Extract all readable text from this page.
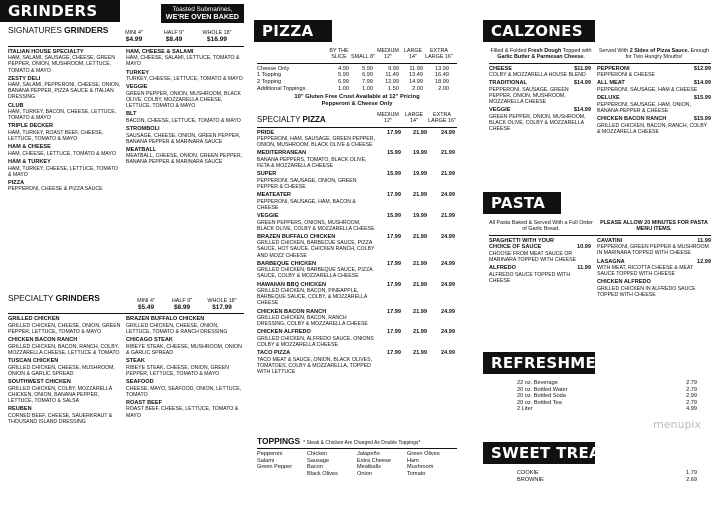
GRINDERS	Toasted Submarines,
WE'RE OVEN BAKED
SIGNATURES GRINDERS	MINI 4"	HALF 9"	WHOLE 18"
$4.99	$8.49	$16.99
ITALIAN HOUSE SPECIALTY
HAM, SALAMI, SAUSAGE, CHEESE, GREEN PEPPER, ONION, MUSHROOM, LETTUCE, TOMATO & MAYO
ZESTY DELI
HAM, SALAMI, PEPPERONI, CHEESE, ONION, BANANA PEPPER, PIZZA SAUCE & ITALIAN DRESSING
CLUB
HAM, TURKEY, BACON, CHEESE, LETTUCE, TOMATO & MAYO
TRIPLE DECKER
HAM, TURKEY, ROAST BEEF, CHEESE, LETTUCE, TOMATO & MAYO
HAM & CHEESE
HAM, CHEESE, LETTUCE, TOMATO & MAYO
HAM & TURKEY
HAM, TURKEY, CHEESE, LETTUCE, TOMATO & MAYO
PIZZA
PEPPERONI, CHEESE & PIZZA SAUCE
HAM, CHEESE & SALAMI
HAM, CHEESE, SALAMI, LETTUCE, TOMATO & MAYO
TURKEY
TURKEY, CHEESE, LETTUCE, TOMATO & MAYO
VEGGIE
GREEN PEPPER, ONION, MUSHROOM, BLACK OLIVE, COLBY, MOZZARELLA CHEESE, LETTUCE, TOMATO & MAYO
BLT
BACON, CHEESE, LETTUCE, TOMATO & MAYO
STROMBOLI
SAUSAGE, CHEESE, ONION, GREEN PEPPER, BANANA PEPPER & MARINARA SAUCE
MEATBALL
MEATBALL, CHEESE, ONION, GREEN PEPPER, BANANA PEPPER & MARINARA SAUCE
SPECIALTY GRINDERS	MINI 4"	HALF 9"	WHOLE 18"
$5.49	$8.99	$17.99
GRILLED CHICKEN
GRILLED CHICKEN, CHEESE, ONION, GREEN PEPPER, LETTUCE, TOMATO & MAYO
CHICKEN BACON RANCH
GRILLED CHICKEN, BACON, RANCH, COLBY, MOZZARELLA CHEESE, LETTUCE & TOMATO
TUSCAN CHICKEN
GRILLED CHICKEN, CHEESE, MUSHROOM, ONION & GARLIC SPREAD
SOUTHWEST CHICKEN
GRILLED CHICKEN, COLBY, MOZZARELLA CHICKEN, ONION, BANANA PEPPER, LETTUCE, TOMATO & SALSA
REUBEN
CORNED BEEF, CHEESE, SAUERKRAUT & THOUSAND ISLAND DRESSING
BRAZEN BUFFALO CHICKEN
GRILLED CHICKEN, CHEESE, ONION, LETTUCE, TOMATO & RANCH DRESSING
CHICAGO STEAK
RIBEYE STEAK, CHEESE, MUSHROOM, ONION & GARLIC SPREAD
STEAK
RIBEYE STEAK, CHEESE, ONION, GREEN PEPPER, LETTUCE, TOMATO & MAYO
SEAFOOD
CHEESE, MAYO, SEAFOOD, ONION, LETTUCE, TOMATO
ROAST BEEF
ROAST BEEF, CHEESE, LETTUCE, TOMATO & MAYO
PIZZA
BY THE SLICE SMALL 8"
MEDIUM 12"
LARGE 14"
EXTRA LARGE 16"
Cheese Only	4.99	5.99	9.99	11.99	13.99
1 Topping	5.99	6.99	11.49	13.49	16.49
2 Topping	6.99	7.99	12.99	14.99	18.99
Additional Toppings	1.00	1.00	1.50	2.00	2.00
10" Gluten Free Crust Available at 12" Pricing
Pepperoni & Cheese Only
SPECIALTY PIZZA
MEDIUM 12"
LARGE 14"
EXTRA LARGE 16"
PRIDE
PEPPERONI, HAM, SAUSAGE, GREEN PEPPER, ONION, MUSHROOM, BLACK OLIVE & CHEESE
17.99	21.99	24.99
MEDITERRANEAN
BANANA PEPPERS, TOMATO, BLACK OLIVE, FETA & MOZZARELLA CHEESE
15.99	19.99	21.99
SUPER
PEPPERONI, SAUSAGE, ONION, GREEN PEPPER & CHEESE
15.99	19.99	21.99
MEATEATER
PEPPERONI, SAUSAGE, HAM, BACON & CHEESE
17.99	21.99	24.99
VEGGIE
GREEN PEPPERS, ONIONS, MUSHROOM, BLACK OLIVE, COLBY & MOZZARELLA CHEESE
15.99	19.99	21.99
BRAZEN BUFFALO CHICKEN
GRILLED CHICKEN, BARBECUE SAUCE, PIZZA SAUCE, HOT SAUCE, CHICKEN RANCH, COLBY AND MOZZ CHEESE
17.99	21.99	24.99
BARBEQUE CHICKEN
GRILLED CHICKEN, BARBEQUE SAUCE, PIZZA SAUCE, COLBY & MOZZARELLA CHEESE
17.99	21.99	24.99
HAWAIIAN BBQ CHICKEN
GRILLED CHICKEN, BACON, PINEAPPLE, BARBEQUE SAUCE, COLBY, & MOZZARELLA CHEESE
17.99	21.99	24.99
CHICKEN BACON RANCH
GRILLED CHICKEN, BACON, RANCH DRESSING, COLBY & MOZZARELLA CHEESE
17.99	21.99	24.99
CHICKEN ALFREDO
GRILLED CHICKEN, ALFREDO SAUCE, ONIONS COLBY & MOZZARELLA CHEESE
17.99	21.99	24.99
TACO PIZZA
TACO MEAT & SAUCE, ONION, BLACK OLIVES, TOMATOES, COLBY & MOZZARELLA, TOPPED WITH LETTUCE
17.99	21.99	24.99
TOPPINGS * Steak & Chicken Are Charged As Double Toppings*
Pepperoni
Salami
Green Pepper
Chicken
Sausage
Bacon
Black Olives
Jalapeño
Extra Cheese
Meatballs
Onion
Green Olives
Ham
Mushroom
Tomato
CALZONES
Filled & Folded Fresh Dough Topped with Garlic Butter & Parmesan Cheese.
Served With 2 Sides of Pizza Sauce. Enough for Two Hungry Mouths!
CHEESE	$11.99
COLBY & MOZZARELLA HOUSE BLEND
TRADITIONAL	$14.99
PEPPERONI, SAUSAGE, GREEN PEPPER, ONION, MUSHROOM, MOZZARELLA CHEESE
VEGGIE	$14.99
GREEN PEPPER, ONION, MUSHROOM, BLACK OLIVE, COLBY & MOZZARELLA CHEESE
PEPPERONI	$12.99
PEPPERONI & CHEESE
ALL MEAT	$14.99
PEPPERONI, SAUSAGE, HAM & CHEESE
DELUXE	$15.99
PEPPERONI, SAUSAGE, HAM, ONION, BANANA PEPPER & CHEESE
CHICKEN BACON RANCH	$15.99
GRILLED CHICKEN, BACON, RANCH, COLBY & MOZZARELLA CHEESE
PASTA
All Pasta Baked & Served With a Full Order of Garlic Bread.
PLEASE ALLOW 20 MINUTES FOR PASTA MENU ITEMS.
SPAGHETTI WITH YOUR CHOICE OF SAUCE	10.99
CHOOSE FROM MEAT SAUCE OR MARINARA TOPPED WITH CHEESE
ALFREDO	11.99
ALFREDO SAUCE TOPPED WITH CHEESE
CAVATINI	11.99
PEPPERONI, GREEN PEPPER & MUSHROOM IN MARINARA TOPPED WITH CHEESE
LASAGNA	12.99
WITH MEAT, RICOTTA CHEESE & MEAT SAUCE TOPPED WITH CHEESE
CHICKEN ALFREDO
GRILLED CHICKEN IN ALFREDO SAUCE TOPPED WITH CHEESE
REFRESHMENT
22 oz. Beverage	2.79
20 oz. Bottled Water	2.79
20 oz. Bottled Soda	2.99
20 oz. Bottled Tea	2.79
2 Liter	4.99
SWEET TREATS
COOKIE	1.79
BROWNIE	2.69
menupix
